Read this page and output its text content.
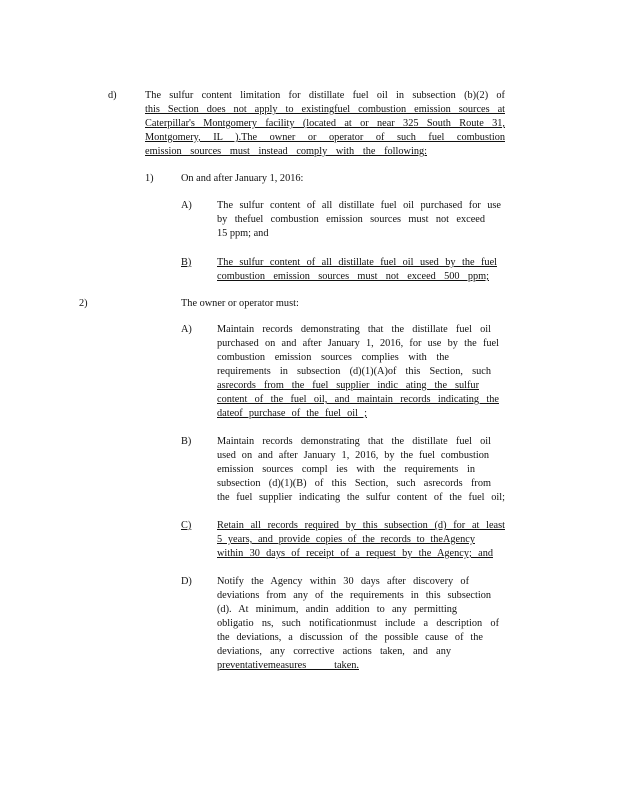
d)	The sulfur content limitation for distillate fuel oil in subsection (b)(2) of
this Section does not apply to existingfuel combustion emission sources at
Caterpillar's Montgomery facility (located at or near 325 South Route 31,
Montgomery, IL ).The owner or operator of such fuel combustion
emission sources must instead comply with the following:
1)	On and after January 1, 2016:
A) The sulfur content of all distillate fuel oil purchased for use
by thefuel combustion emission sources must not exceed
15 ppm; and
B) The sulfur content of all distillate fuel oil used by the fuel
combustion emission sources must not exceed 500 ppm;
2)	The owner or operator must:
A) Maintain records demonstrating that the distillate fuel oil
purchased on and after January 1, 2016, for use by the fuel
combustion emission sources complies with the
requirements in subsection (d)(1)(A)of this Section, such
asrecords from the fuel supplier indic ating the sulfur
content of the fuel oil, and maintain records indicating the
dateof purchase of the fuel oil ;
B) Maintain records demonstrating that the distillate fuel oil
used on and after January 1, 2016, by the fuel combustion
emission sources compl ies with the requirements in
subsection (d)(1)(B) of this Section, such asrecords from
the fuel supplier indicating the sulfur content of the fuel oil;
C) Retain all records required by this subsection (d) for at least
5 years, and provide copies of the records to theAgency
within 30 days of receipt of a request by the Agency; and
D) Notify the Agency within 30 days after discovery of
deviations from any of the requirements in this subsection
(d). At minimum, andin addition to any permitting
obligatio ns, such notificationmust include a description of
the deviations, a discussion of the possible cause of the
deviations, any corrective actions taken, and any
preventativemeasures taken.
